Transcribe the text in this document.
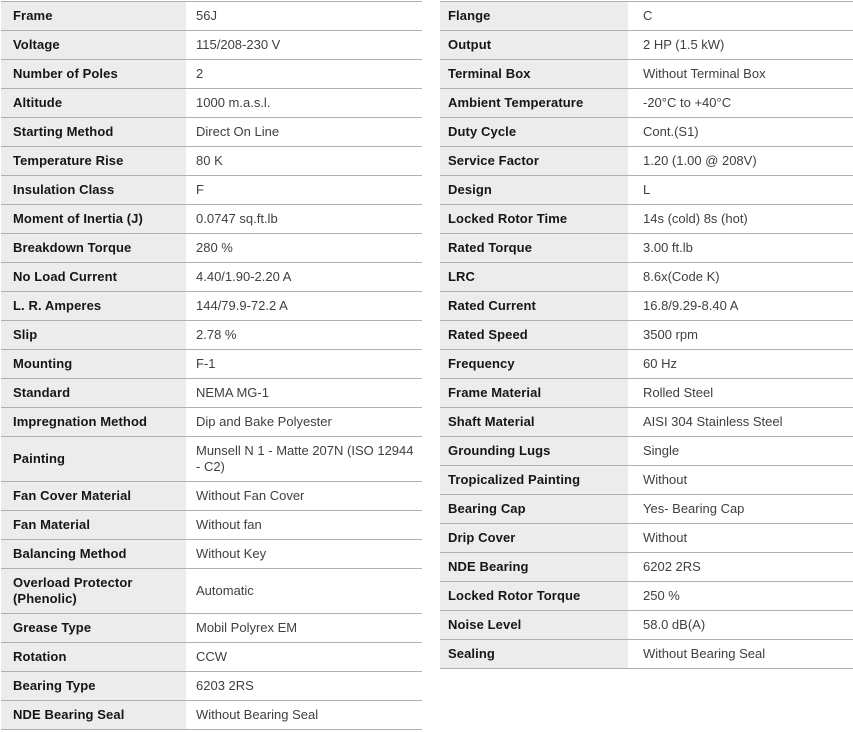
Frame	56J
Voltage	115/208-230 V
Number of Poles	2
Altitude	1000 m.a.s.l.
Starting Method	Direct On Line
Temperature Rise	80 K
Insulation Class	F
Moment of Inertia (J)	0.0747 sq.ft.lb
Breakdown Torque	280 %
No Load Current	4.40/1.90-2.20 A
L. R. Amperes	144/79.9-72.2 A
Slip	2.78 %
Mounting	F-1
Standard	NEMA MG-1
Impregnation Method	Dip and Bake Polyester
Painting	Munsell N 1 - Matte 207N (ISO 12944 - C2)
Fan Cover Material	Without Fan Cover
Fan Material	Without fan
Balancing Method	Without Key
Overload Protector (Phenolic)	Automatic
Grease Type	Mobil Polyrex EM
Rotation	CCW
Bearing Type	6203 2RS
NDE Bearing Seal	Without Bearing Seal
Flange	C
Output	2 HP (1.5 kW)
Terminal Box	Without Terminal Box
Ambient Temperature	-20°C to +40°C
Duty Cycle	Cont.(S1)
Service Factor	1.20 (1.00 @ 208V)
Design	L
Locked Rotor Time	14s (cold) 8s (hot)
Rated Torque	3.00 ft.lb
LRC	8.6x(Code K)
Rated Current	16.8/9.29-8.40 A
Rated Speed	3500 rpm
Frequency	60 Hz
Frame Material	Rolled Steel
Shaft Material	AISI 304 Stainless Steel
Grounding Lugs	Single
Tropicalized Painting	Without
Bearing Cap	Yes- Bearing Cap
Drip Cover	Without
NDE Bearing	6202 2RS
Locked Rotor Torque	250 %
Noise Level	58.0 dB(A)
Sealing	Without Bearing Seal
